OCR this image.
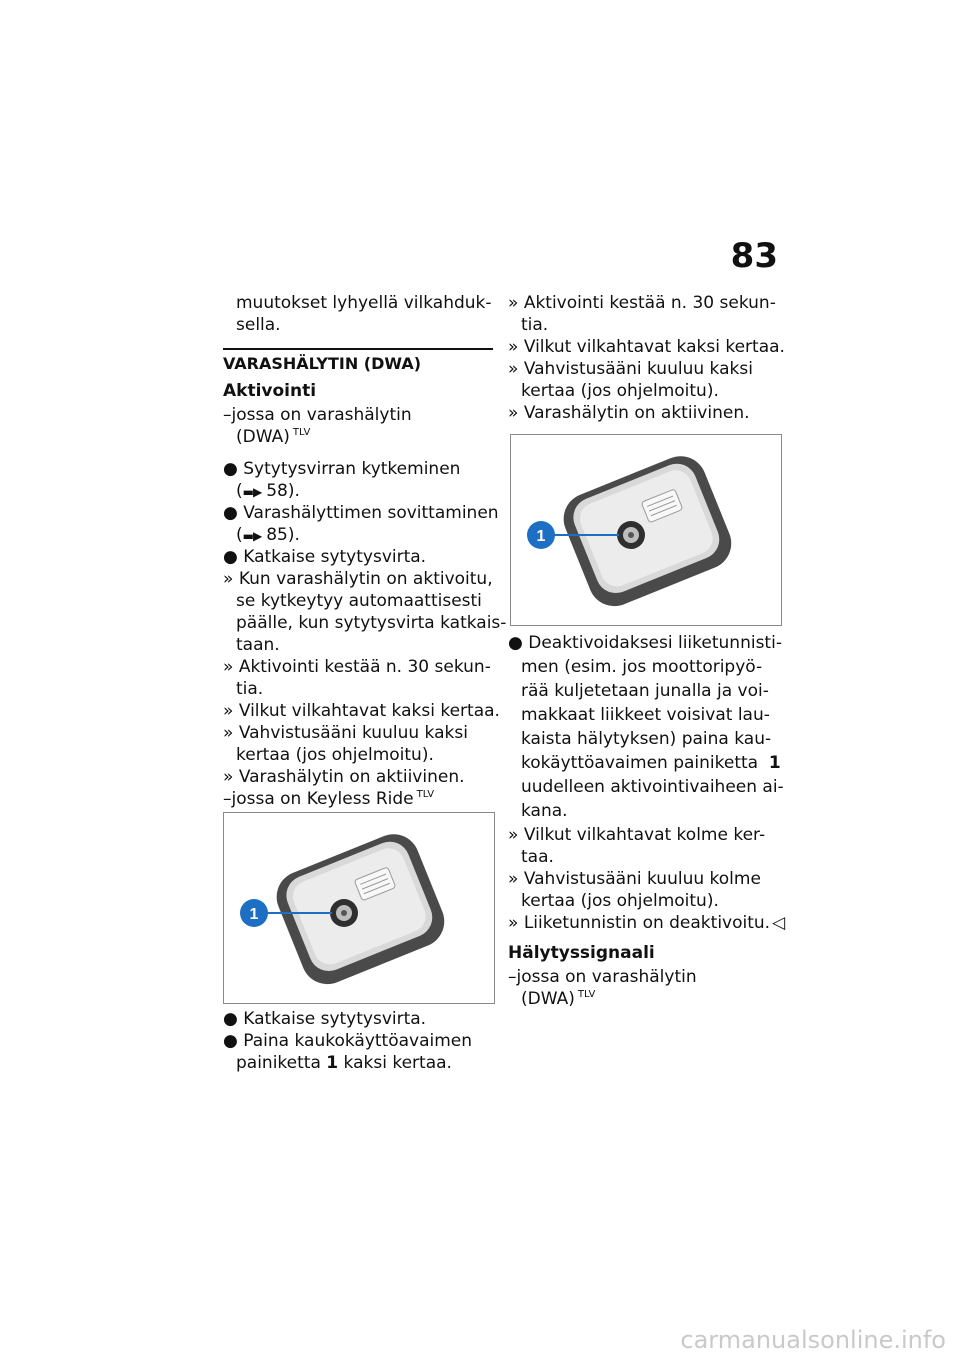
83
muutokset lyhyellä vilkahduk-
sella.
VARASHÄLYTIN (DWA)
Aktivointi
–jossa on varashälytin
(DWA) $^{TLV}$
● Sytytysvirran kytkeminen
(▬▶ 58).
● Varashälyttimen sovittaminen
(▬▶ 85).
● Katkaise sytytysvirta.
» Kun varashälytin on aktivoitu,
se kytkeytyy automaattisesti
päälle, kun sytytysvirta katkais-
taan.
» Aktivointi kestää n. 30 sekun-
tia.
» Vilkut vilkahtavat kaksi kertaa.
» Vahvistusääni kuuluu kaksi
kertaa (jos ohjelmoitu).
» Varashälytin on aktiivinen.
–jossa on Keyless Ride $^{TLV}$
1
● Katkaise sytytysvirta.
● Paina kaukokäyttöavaimen
painiketta 1 kaksi kertaa.
» Aktivointi kestää n. 30 sekun-
tia.
» Vilkut vilkahtavat kaksi kertaa.
» Vahvistusääni kuuluu kaksi
kertaa (jos ohjelmoitu).
» Varashälytin on aktiivinen.
1
● Deaktivoidaksesi liiketunnisti-
men (esim. jos moottoripyö-
rää kuljetetaan junalla ja voi-
makkaat liikkeet voisivat lau-
kaista hälytyksen) paina kau-
kokäyttöavaimen painiketta 1
uudelleen aktivointivaiheen ai-
kana.
» Vilkut vilkahtavat kolme ker-
taa.
» Vahvistusääni kuuluu kolme
kertaa (jos ohjelmoitu).
» Liiketunnistin on deaktivoitu. ◁
Hälytyssignaali
–jossa on varashälytin
(DWA) $^{TLV}$
carmanualsonline.info
